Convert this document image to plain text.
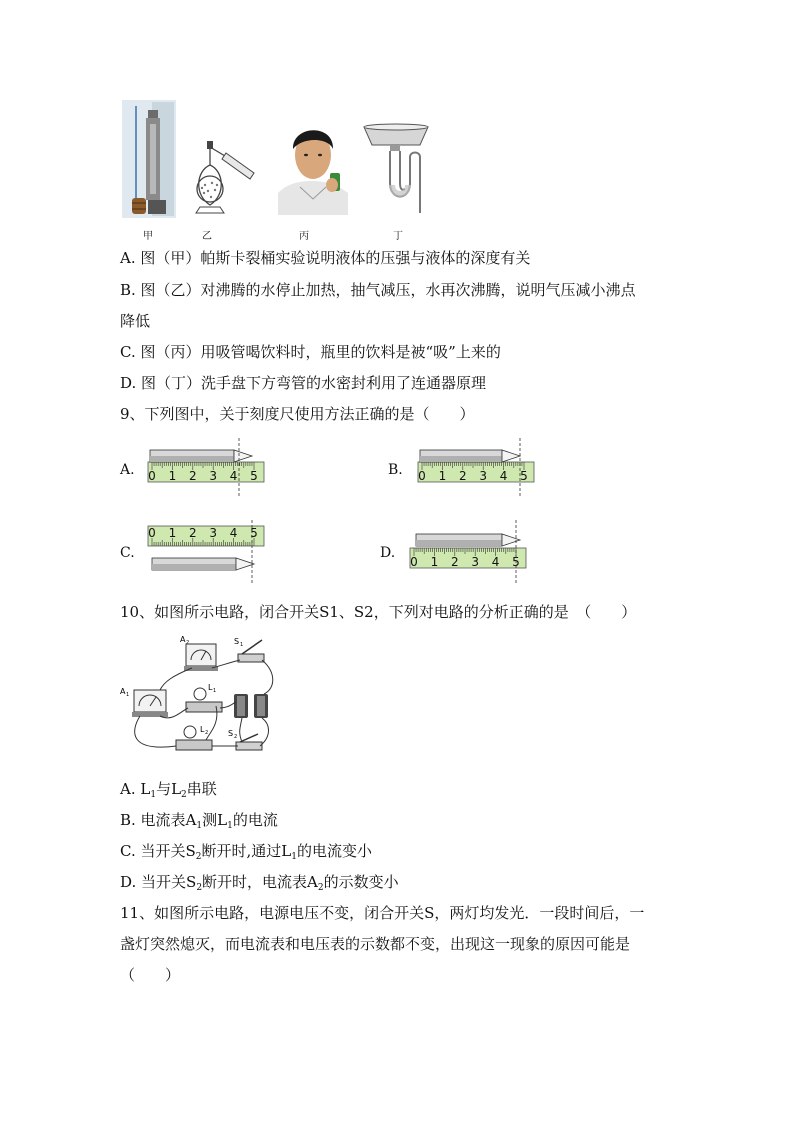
甲	乙	丙	丁
A. 图（甲）帕斯卡裂桶实验说明液体的压强与液体的深度有关
B. 图（乙）对沸腾的水停止加热，抽气减压，水再次沸腾，说明气压减小沸点
降低
C. 图（丙）用吸管喝饮料时，瓶里的饮料是被“吸”上来的
D. 图（丁）洗手盘下方弯管的水密封利用了连通器原理
9、下列图中，关于刻度尺使用方法正确的是（　　）
A.	B.
C.	D.
0 1 2 3 4 5	0 1 2 3 4 5
0 1 2 3 4 5
0 1 2 3 4 5
10、如图所示电路，闭合开关S1、S2，下列对电路的分析正确的是　（　　）
A 2
A 1
S 1
L 1
L 2 S 2
A. $L_1$与$L_2$串联
B. 电流表$A_1$测$L_1$的电流
C. 当开关$S_2$断开时,通过$L_1$的电流变小
D. 当开关$S_2$断开时，电流表$A_2$的示数变小
11、如图所示电路，电源电压不变，闭合开关S，两灯均发光．一段时间后，一
盏灯突然熄灭，而电流表和电压表的示数都不变，出现这一现象的原因可能是
（　　）
